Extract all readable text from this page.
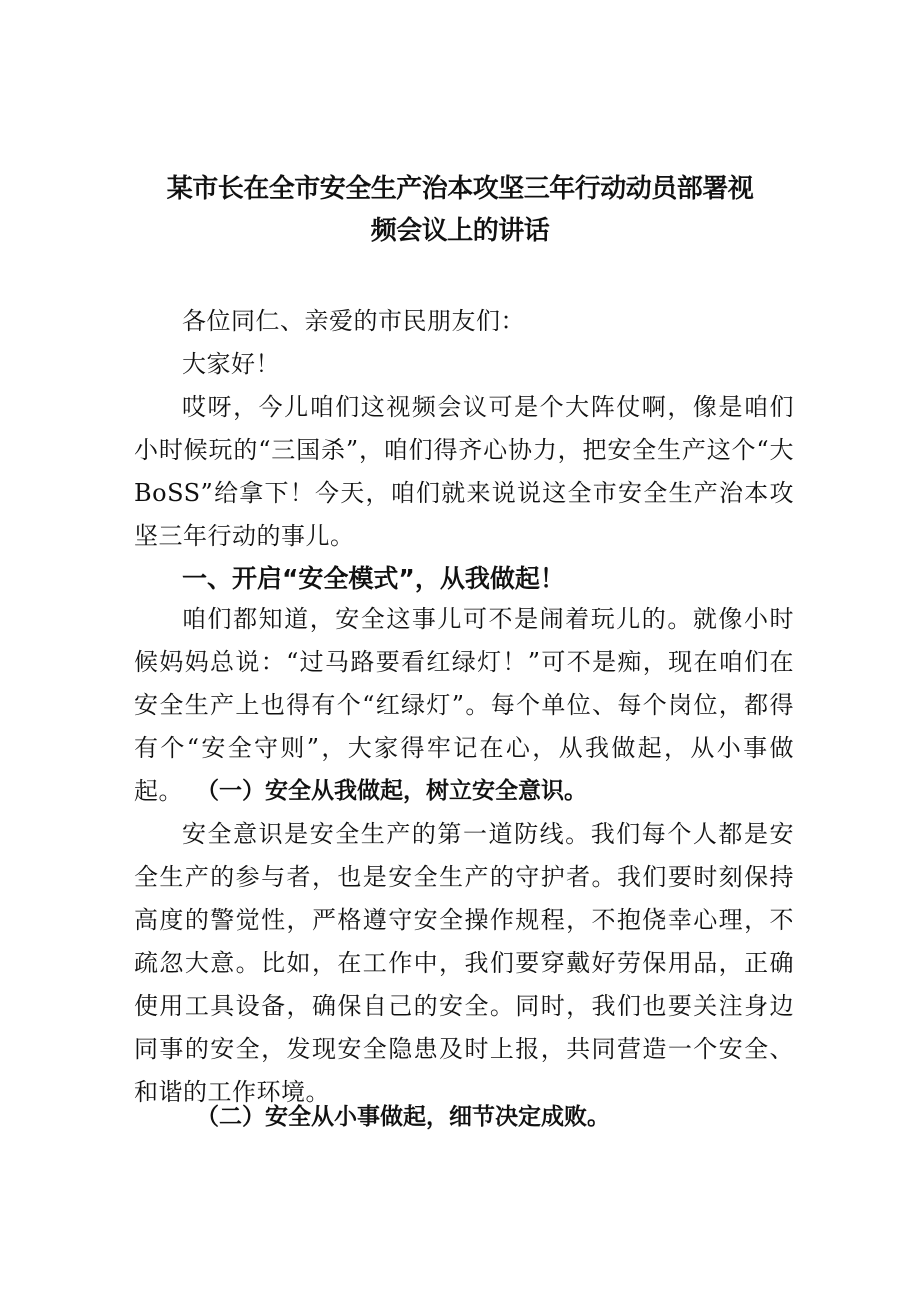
某市长在全市安全生产治本攻坚三年行动动员部署视
频会议上的讲话

各位同仁、亲爱的市民朋友们：

大家好！

哎呀，今儿咱们这视频会议可是个大阵仗啊，像是咱们小时候玩的“三国杀”，咱们得齐心协力，把安全生产这个“大BoSS”给拿下！今天，咱们就来说说这全市安全生产治本攻坚三年行动的事儿。

一、开启“安全模式”，从我做起！

咱们都知道，安全这事儿可不是闹着玩儿的。就像小时候妈妈总说：“过马路要看红绿灯！”可不是痴，现在咱们在安全生产上也得有个“红绿灯”。每个单位、每个岗位，都得有个“安全守则”，大家得牢记在心，从我做起，从小事做起。 （一）安全从我做起，树立安全意识。

安全意识是安全生产的第一道防线。我们每个人都是安全生产的参与者，也是安全生产的守护者。我们要时刻保持高度的警觉性，严格遵守安全操作规程，不抱侥幸心理，不疏忽大意。比如，在工作中，我们要穿戴好劳保用品，正确使用工具设备，确保自己的安全。同时，我们也要关注身边同事的安全，发现安全隐患及时上报，共同营造一个安全、和谐的工作环境。

（二）安全从小事做起，细节决定成败。
